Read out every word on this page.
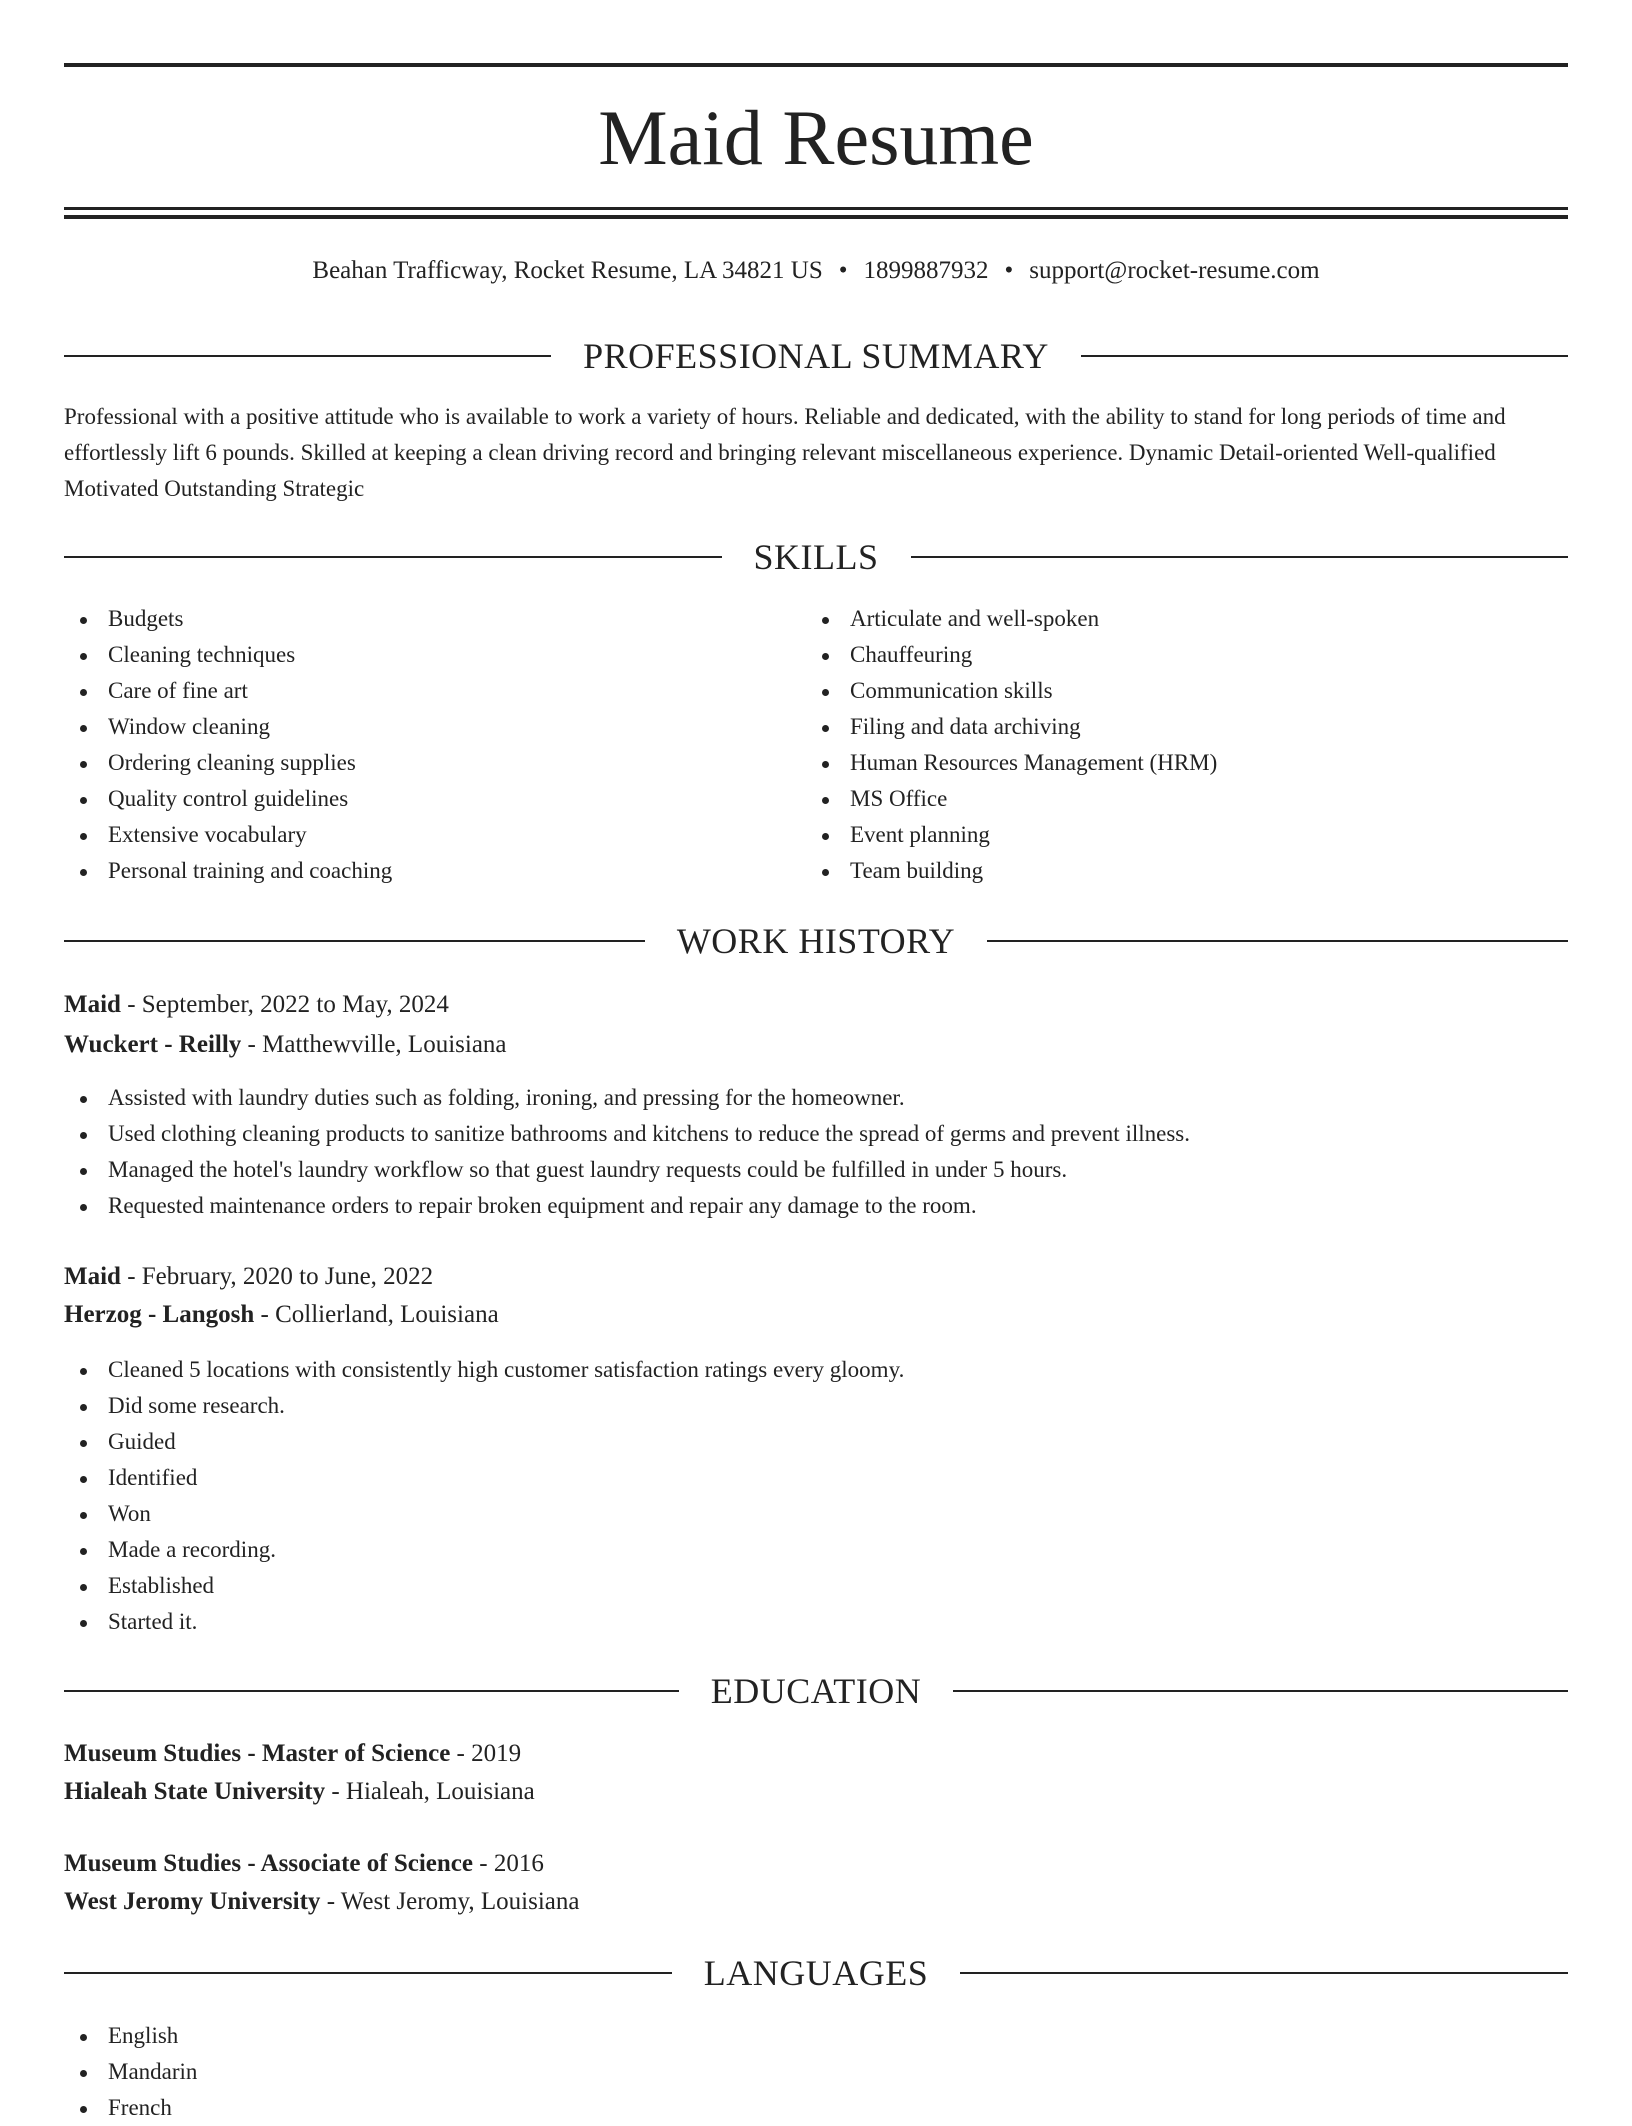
Maid Resume
Beahan Trafficway, Rocket Resume, LA 34821 US • 1899887932 • support@rocket-resume.com
PROFESSIONAL SUMMARY

Professional with a positive attitude who is available to work a variety of hours. Reliable and dedicated, with the ability to stand for long periods of time and effortlessly lift 6 pounds. Skilled at keeping a clean driving record and bringing relevant miscellaneous experience. Dynamic Detail-oriented Well-qualified Motivated Outstanding Strategic

SKILLS
Budgets
Cleaning techniques
Care of fine art
Window cleaning
Ordering cleaning supplies
Quality control guidelines
Extensive vocabulary
Personal training and coaching
Articulate and well-spoken
Chauffeuring
Communication skills
Filing and data archiving
Human Resources Management (HRM)
MS Office
Event planning
Team building
WORK HISTORY
Maid - September, 2022 to May, 2024
Wuckert - Reilly - Matthewville, Louisiana
Assisted with laundry duties such as folding, ironing, and pressing for the homeowner.
Used clothing cleaning products to sanitize bathrooms and kitchens to reduce the spread of germs and prevent illness.
Managed the hotel's laundry workflow so that guest laundry requests could be fulfilled in under 5 hours.
Requested maintenance orders to repair broken equipment and repair any damage to the room.
Maid - February, 2020 to June, 2022
Herzog - Langosh - Collierland, Louisiana
Cleaned 5 locations with consistently high customer satisfaction ratings every gloomy.
Did some research.
Guided
Identified
Won
Made a recording.
Established
Started it.
EDUCATION
Museum Studies - Master of Science - 2019
Hialeah State University - Hialeah, Louisiana
Museum Studies - Associate of Science - 2016
West Jeromy University - West Jeromy, Louisiana
LANGUAGES
English
Mandarin
French
